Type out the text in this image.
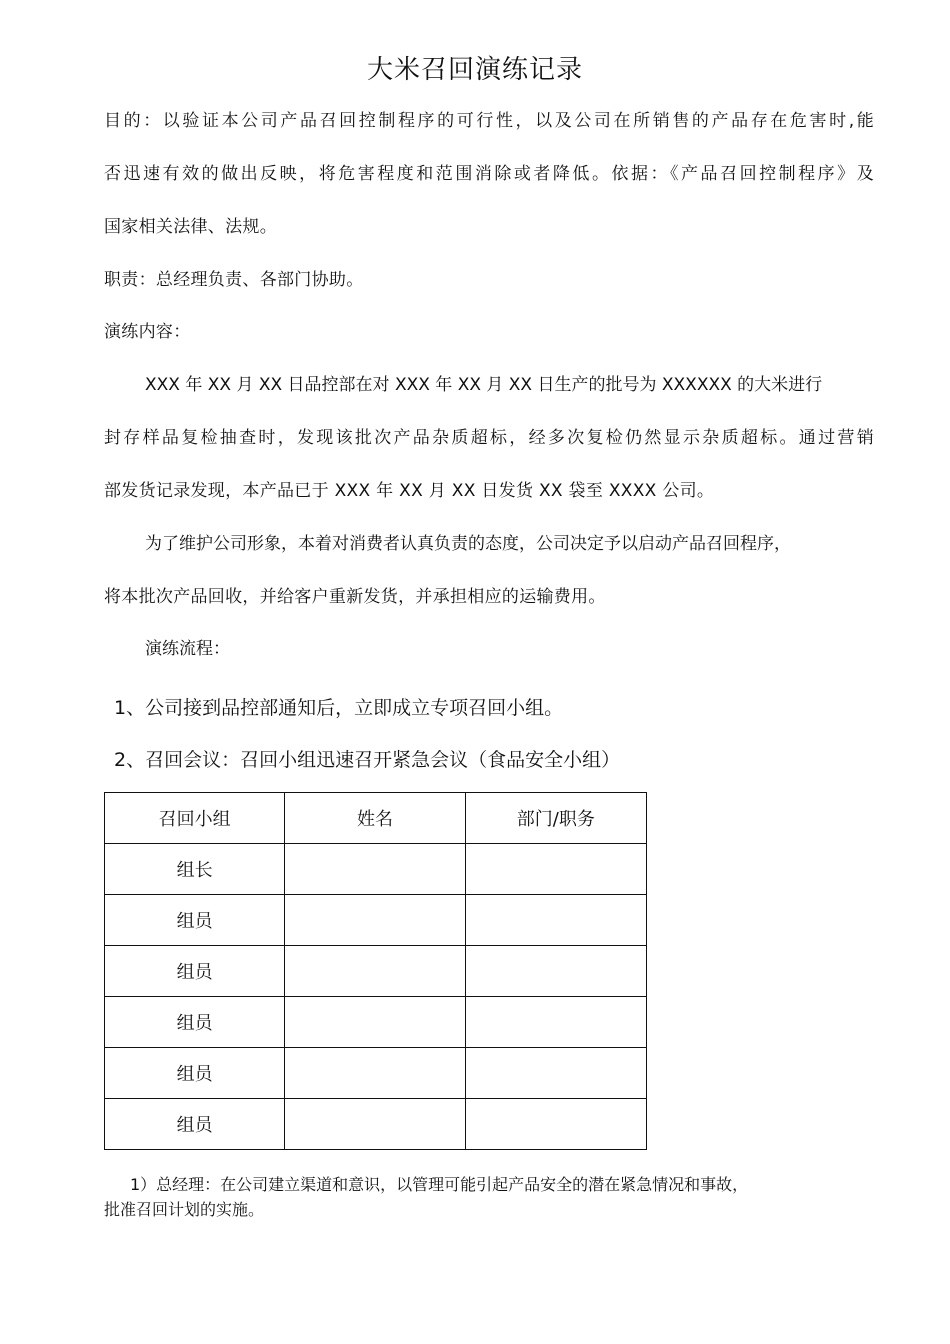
大米召回演练记录
目的：以验证本公司产品召回控制程序的可行性，以及公司在所销售的产品存在危害时,能
否迅速有效的做出反映，将危害程度和范围消除或者降低。依据：《产品召回控制程序》及
国家相关法律、法规。
职责：总经理负责、各部门协助。
演练内容：
XXX 年 XX 月 XX 日品控部在对 XXX 年 XX 月 XX 日生产的批号为 XXXXXX 的大米进行
封存样品复检抽查时，发现该批次产品杂质超标，经多次复检仍然显示杂质超标。通过营销
部发货记录发现，本产品已于 XXX 年 XX 月 XX 日发货 XX 袋至 XXXX 公司。
为了维护公司形象，本着对消费者认真负责的态度，公司决定予以启动产品召回程序，
将本批次产品回收，并给客户重新发货，并承担相应的运输费用。
演练流程：
1、公司接到品控部通知后，立即成立专项召回小组。
2、召回会议：召回小组迅速召开紧急会议（食品安全小组）
召回小组	姓名	部门/职务
组长		
组员		
组员		
组员		
组员		
组员		
1）总经理：在公司建立渠道和意识，以管理可能引起产品安全的潜在紧急情况和事故，
批准召回计划的实施。
